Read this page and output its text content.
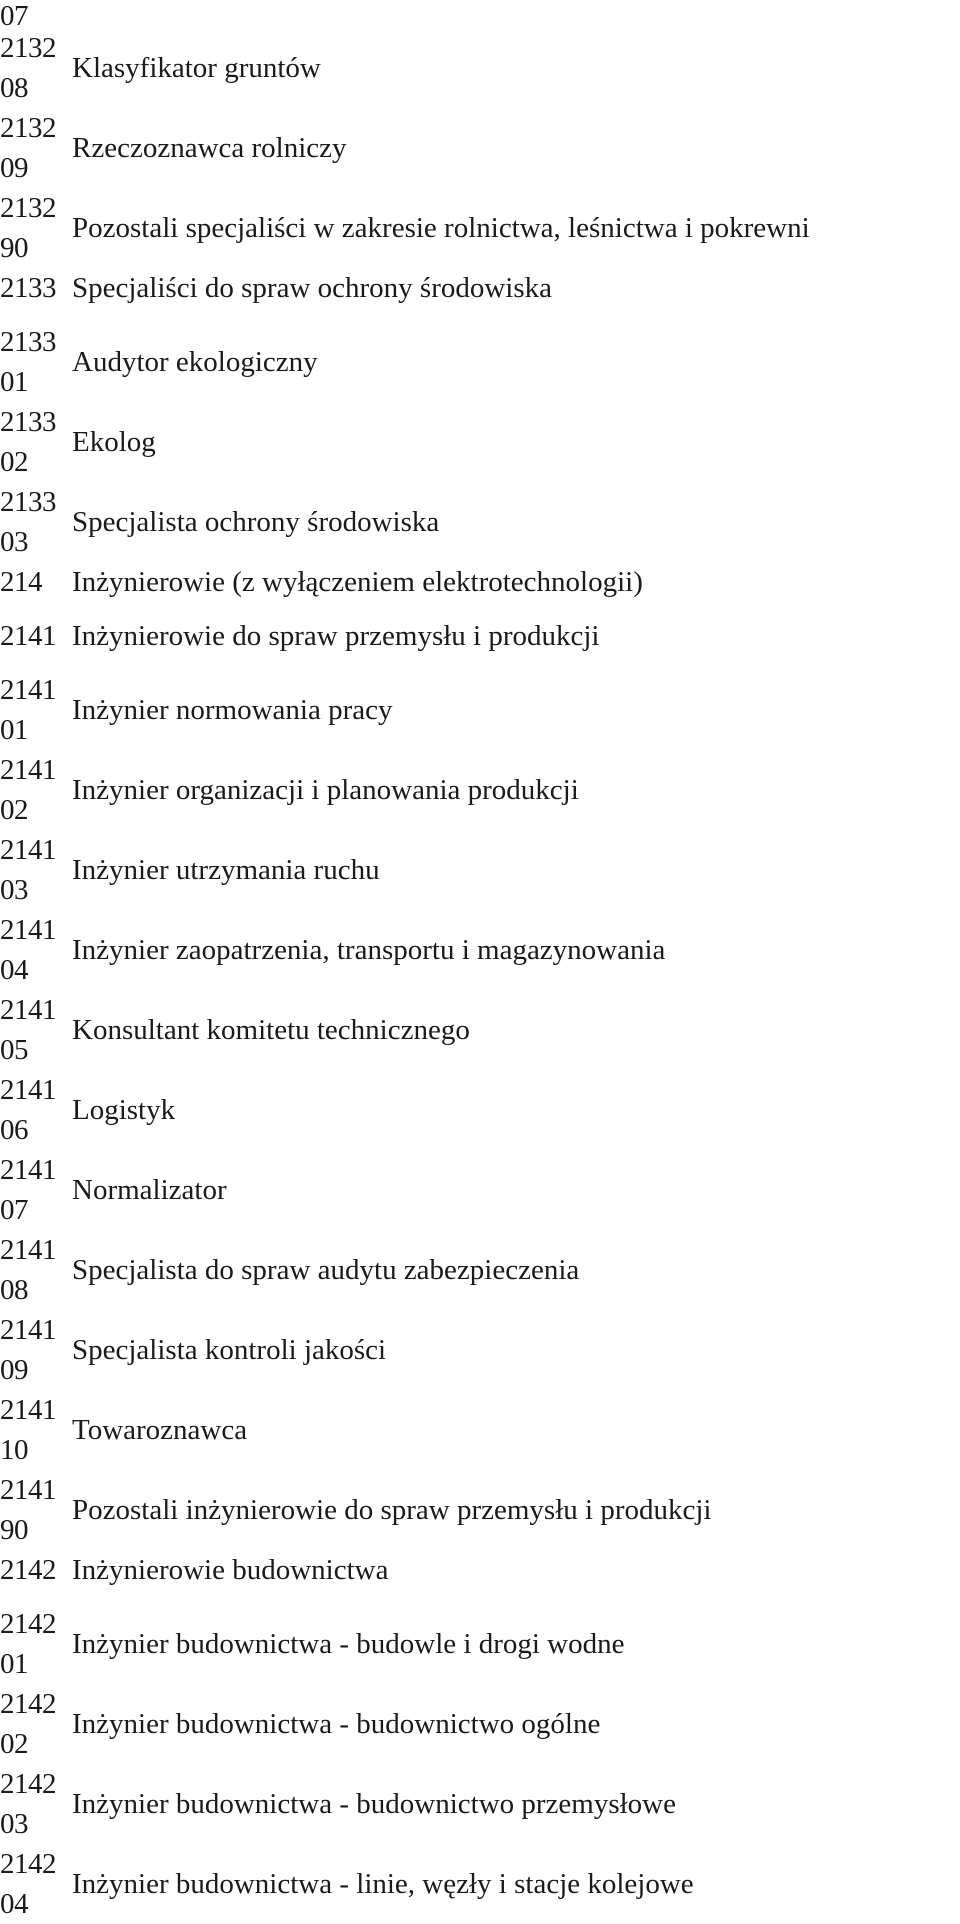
07
2132
08
Klasyfikator gruntów
2132
09
Rzeczoznawca rolniczy
2132
90
Pozostali specjaliści w zakresie rolnictwa, leśnictwa i pokrewni
2133 Specjaliści do spraw ochrony środowiska
2133
01
Audytor ekologiczny
2133
02
Ekolog
2133
03
Specjalista ochrony środowiska
214	Inżynierowie (z wyłączeniem elektrotechnologii)
2141 Inżynierowie do spraw przemysłu i produkcji
2141
01
Inżynier normowania pracy
2141
02
Inżynier organizacji i planowania produkcji
2141
03
Inżynier utrzymania ruchu
2141
04
Inżynier zaopatrzenia, transportu i magazynowania
2141
05
Konsultant komitetu technicznego
2141
06
Logistyk
2141
07
Normalizator
2141
08
Specjalista do spraw audytu zabezpieczenia
2141
09
Specjalista kontroli jakości
2141
10
Towaroznawca
2141
90
Pozostali inżynierowie do spraw przemysłu i produkcji
2142 Inżynierowie budownictwa
2142
01
Inżynier budownictwa - budowle i drogi wodne
2142
02
Inżynier budownictwa - budownictwo ogólne
2142
03
Inżynier budownictwa - budownictwo przemysłowe
2142
04
Inżynier budownictwa - linie, węzły i stacje kolejowe
